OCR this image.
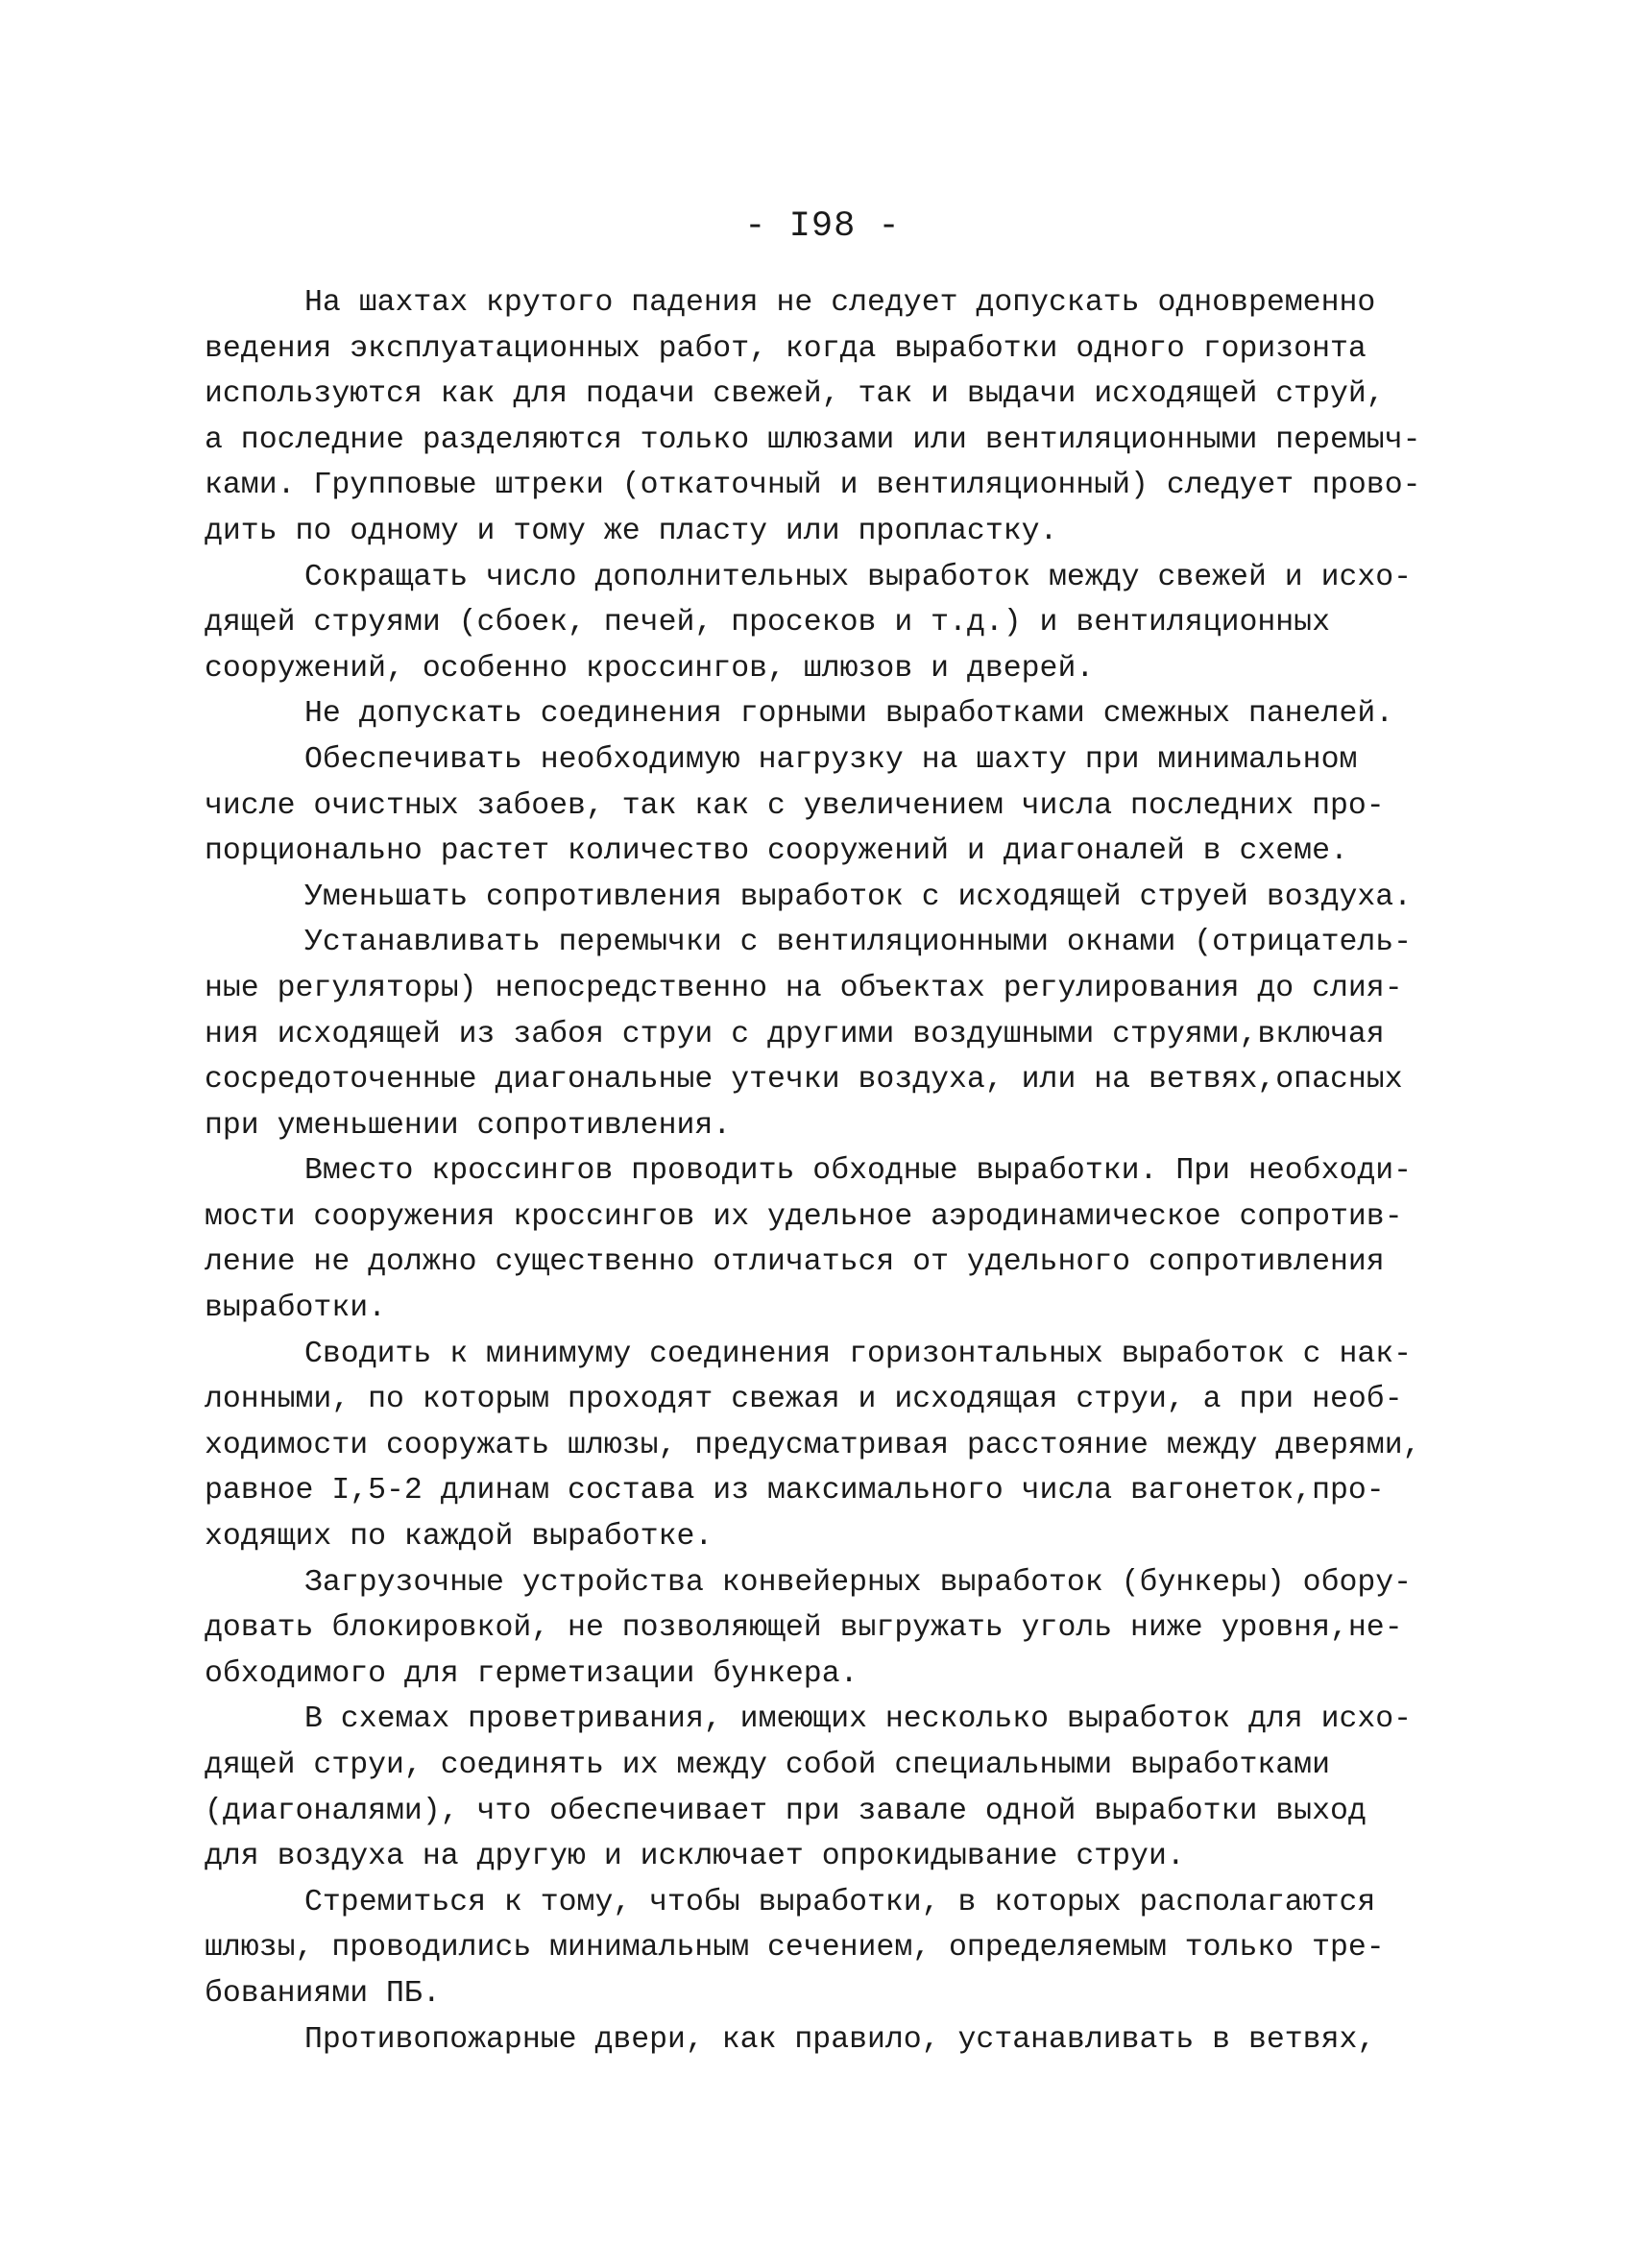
- I98 -
На шахтах крутого падения не следует допускать одновременно
ведения эксплуатационных работ, когда выработки одного горизонта
используются как для подачи свежей, так и выдачи исходящей струй,
а последние разделяются только шлюзами или вентиляционными перемыч-
ками. Групповые штреки (откаточный и вентиляционный) следует прово-
дить по одному и тому же пласту или пропластку.
Сокращать число дополнительных выработок между свежей и исхо-
дящей струями (сбоек, печей, просеков и т.д.) и вентиляционных
сооружений, особенно кроссингов, шлюзов и дверей.
Не допускать соединения горными выработками смежных панелей.
Обеспечивать необходимую нагрузку на шахту при минимальном
числе очистных забоев, так как с увеличением числа последних про-
порционально растет количество сооружений и диагоналей в схеме.
Уменьшать сопротивления выработок с исходящей струей воздуха.
Устанавливать перемычки с вентиляционными окнами (отрицатель-
ные регуляторы) непосредственно на объектах регулирования до слия-
ния исходящей из забоя струи с другими воздушными струями,включая
сосредоточенные диагональные утечки воздуха, или на ветвях,опасных
при уменьшении сопротивления.
Вместо кроссингов проводить обходные выработки. При необходи-
мости сооружения кроссингов их удельное аэродинамическое сопротив-
ление не должно существенно отличаться от удельного сопротивления
выработки.
Сводить к минимуму соединения горизонтальных выработок с нак-
лонными, по которым проходят свежая и исходящая струи, а при необ-
ходимости сооружать шлюзы, предусматривая расстояние между дверями,
равное I,5-2 длинам состава из максимального числа вагонеток,про-
ходящих по каждой выработке.
Загрузочные устройства конвейерных выработок (бункеры) обору-
довать блокировкой, не позволяющей выгружать уголь ниже уровня,не-
обходимого для герметизации бункера.
В схемах проветривания, имеющих несколько выработок для исхо-
дящей струи, соединять их между собой специальными выработками
(диагоналями), что обеспечивает при завале одной выработки выход
для воздуха на другую и исключает опрокидывание струи.
Стремиться к тому, чтобы выработки, в которых располагаются
шлюзы, проводились минимальным сечением, определяемым только тре-
бованиями ПБ.
Противопожарные двери, как правило, устанавливать в ветвях,
